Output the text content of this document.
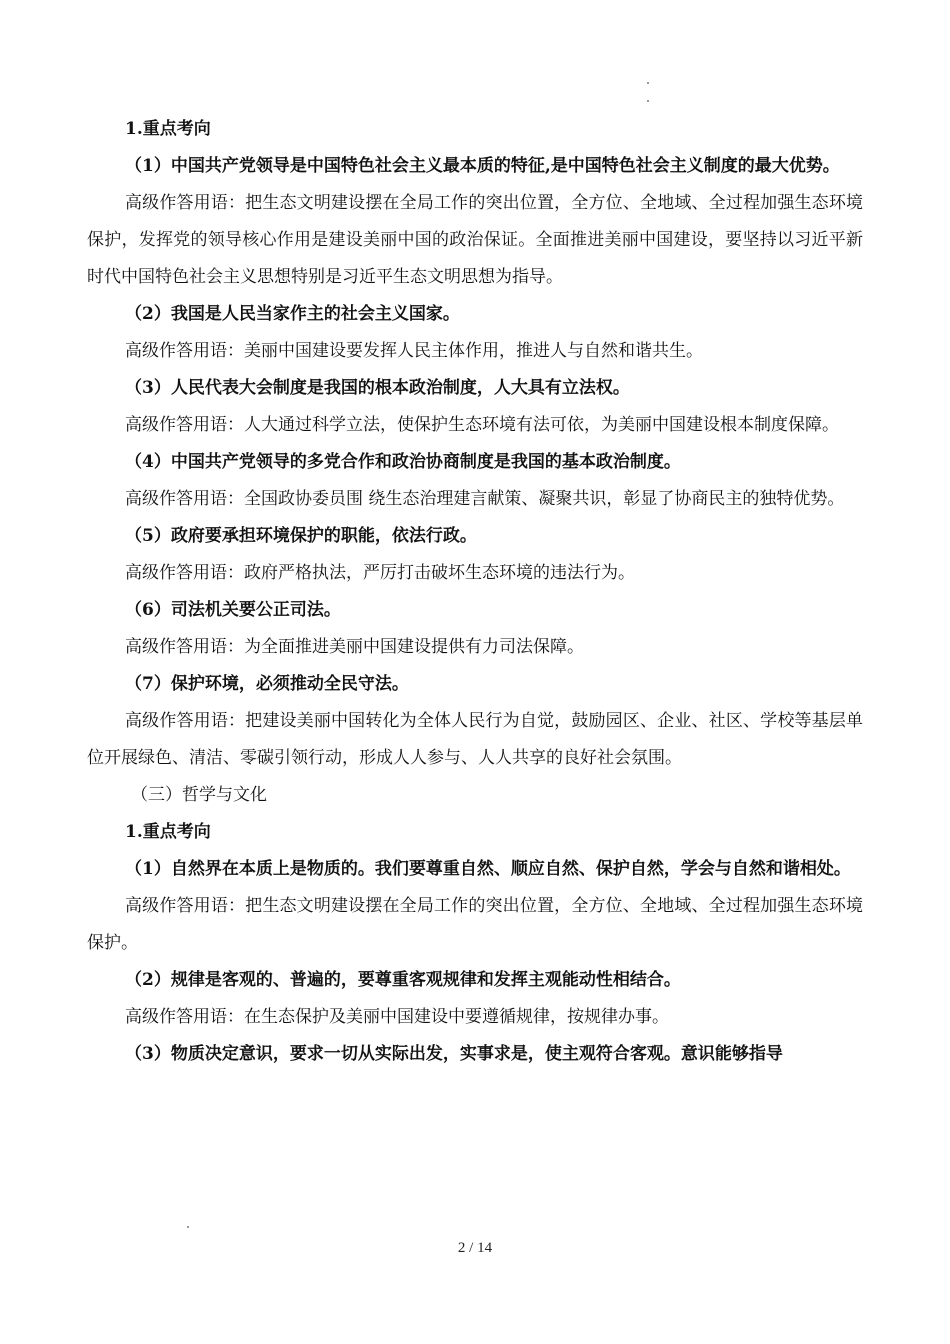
1.重点考向

（1）中国共产党领导是中国特色社会主义最本质的特征,是中国特色社会主义制度的最大优势。

高级作答用语：把生态文明建设摆在全局工作的突出位置，全方位、全地域、全过程加强生态环境保护，发挥党的领导核心作用是建设美丽中国的政治保证。全面推进美丽中国建设，要坚持以习近平新时代中国特色社会主义思想特别是习近平生态文明思想为指导。

（2）我国是人民当家作主的社会主义国家。

高级作答用语：美丽中国建设要发挥人民主体作用，推进人与自然和谐共生。

（3）人民代表大会制度是我国的根本政治制度，人大具有立法权。

高级作答用语：人大通过科学立法，使保护生态环境有法可依，为美丽中国建设根本制度保障。

（4）中国共产党领导的多党合作和政治协商制度是我国的基本政治制度。

高级作答用语：全国政协委员围 绕生态治理建言献策、凝聚共识，彰显了协商民主的独特优势。

（5）政府要承担环境保护的职能，依法行政。

高级作答用语：政府严格执法，严厉打击破坏生态环境的违法行为。

（6）司法机关要公正司法。

高级作答用语：为全面推进美丽中国建设提供有力司法保障。

（7）保护环境，必须推动全民守法。

高级作答用语：把建设美丽中国转化为全体人民行为自觉，鼓励园区、企业、社区、学校等基层单位开展绿色、清洁、零碳引领行动，形成人人参与、人人共享的良好社会氛围。

（三）哲学与文化

1.重点考向

（1）自然界在本质上是物质的。我们要尊重自然、顺应自然、保护自然，学会与自然和谐相处。

高级作答用语：把生态文明建设摆在全局工作的突出位置，全方位、全地域、全过程加强生态环境保护。

（2）规律是客观的、普遍的，要尊重客观规律和发挥主观能动性相结合。

高级作答用语：在生态保护及美丽中国建设中要遵循规律，按规律办事。

（3）物质决定意识，要求一切从实际出发，实事求是，使主观符合客观。意识能够指导

2 / 14
